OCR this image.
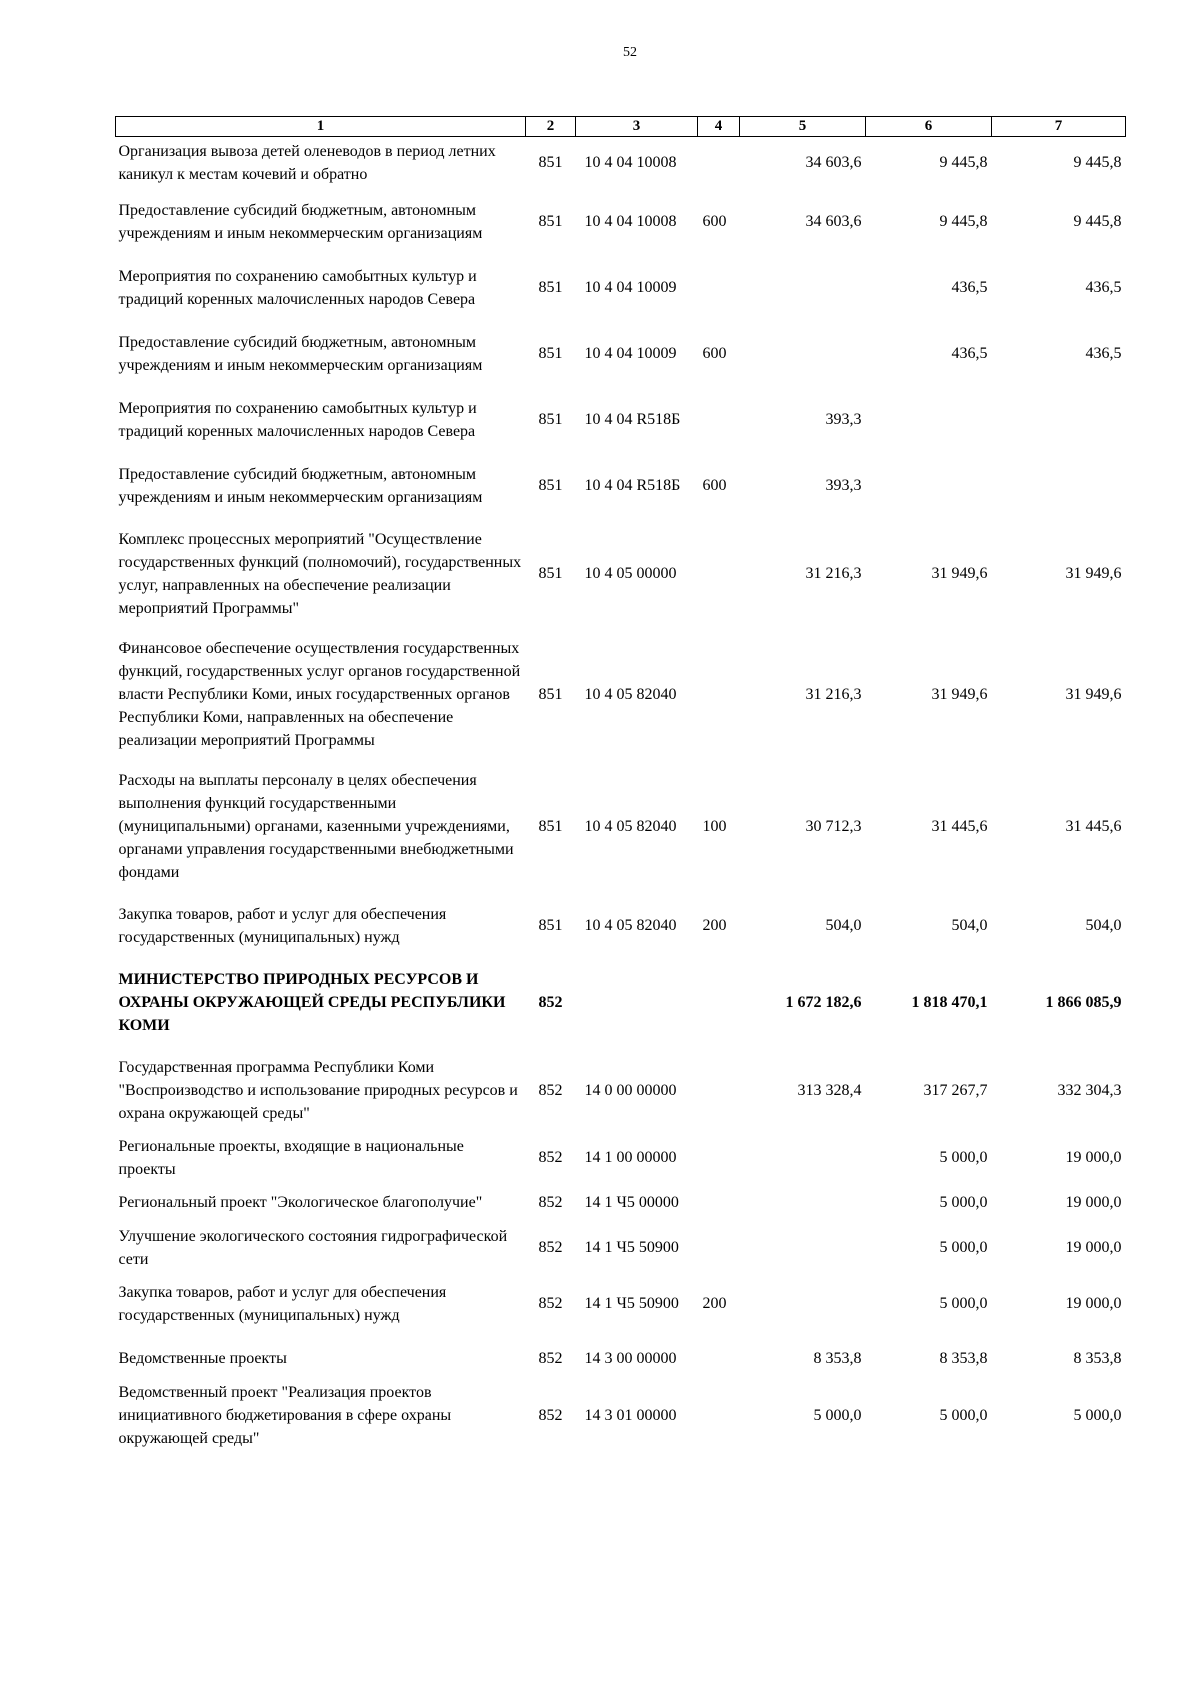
52
1	2	3	4	5	6	7
Организация вывоза детей оленеводов в период летних каникул к местам кочевий и обратно	851	10 4 04 10008		34 603,6	9 445,8	9 445,8
Предоставление субсидий бюджетным, автономным учреждениям и иным некоммерческим организациям	851	10 4 04 10008	600	34 603,6	9 445,8	9 445,8
Мероприятия по сохранению самобытных культур и традиций коренных малочисленных народов Севера	851	10 4 04 10009			436,5	436,5
Предоставление субсидий бюджетным, автономным учреждениям и иным некоммерческим организациям	851	10 4 04 10009	600		436,5	436,5
Мероприятия по сохранению самобытных культур и традиций коренных малочисленных народов Севера	851	10 4 04 R518Б		393,3		
Предоставление субсидий бюджетным, автономным учреждениям и иным некоммерческим организациям	851	10 4 04 R518Б	600	393,3		
Комплекс процессных мероприятий "Осуществление государственных функций (полномочий), государственных услуг, направленных на обеспечение реализации мероприятий Программы"	851	10 4 05 00000		31 216,3	31 949,6	31 949,6
Финансовое обеспечение осуществления государственных функций, государственных услуг органов государственной власти Республики Коми, иных государственных органов Республики Коми, направленных на обеспечение реализации мероприятий Программы	851	10 4 05 82040		31 216,3	31 949,6	31 949,6
Расходы на выплаты персоналу в целях обеспечения выполнения функций государственными (муниципальными) органами, казенными учреждениями, органами управления государственными внебюджетными фондами	851	10 4 05 82040	100	30 712,3	31 445,6	31 445,6
Закупка товаров, работ и услуг для обеспечения государственных (муниципальных) нужд	851	10 4 05 82040	200	504,0	504,0	504,0
МИНИСТЕРСТВО ПРИРОДНЫХ РЕСУРСОВ И ОХРАНЫ ОКРУЖАЮЩЕЙ СРЕДЫ РЕСПУБЛИКИ КОМИ	852			1 672 182,6	1 818 470,1	1 866 085,9
Государственная программа Республики Коми "Воспроизводство и использование природных ресурсов и охрана окружающей среды"	852	14 0 00 00000		313 328,4	317 267,7	332 304,3
Региональные проекты, входящие в национальные проекты	852	14 1 00 00000			5 000,0	19 000,0
Региональный проект "Экологическое благополучие"	852	14 1 Ч5 00000			5 000,0	19 000,0
Улучшение экологического состояния гидрографической сети	852	14 1 Ч5 50900			5 000,0	19 000,0
Закупка товаров, работ и услуг для обеспечения государственных (муниципальных) нужд	852	14 1 Ч5 50900	200		5 000,0	19 000,0
Ведомственные проекты	852	14 3 00 00000		8 353,8	8 353,8	8 353,8
Ведомственный проект "Реализация проектов инициативного бюджетирования в сфере охраны окружающей среды"	852	14 3 01 00000		5 000,0	5 000,0	5 000,0
